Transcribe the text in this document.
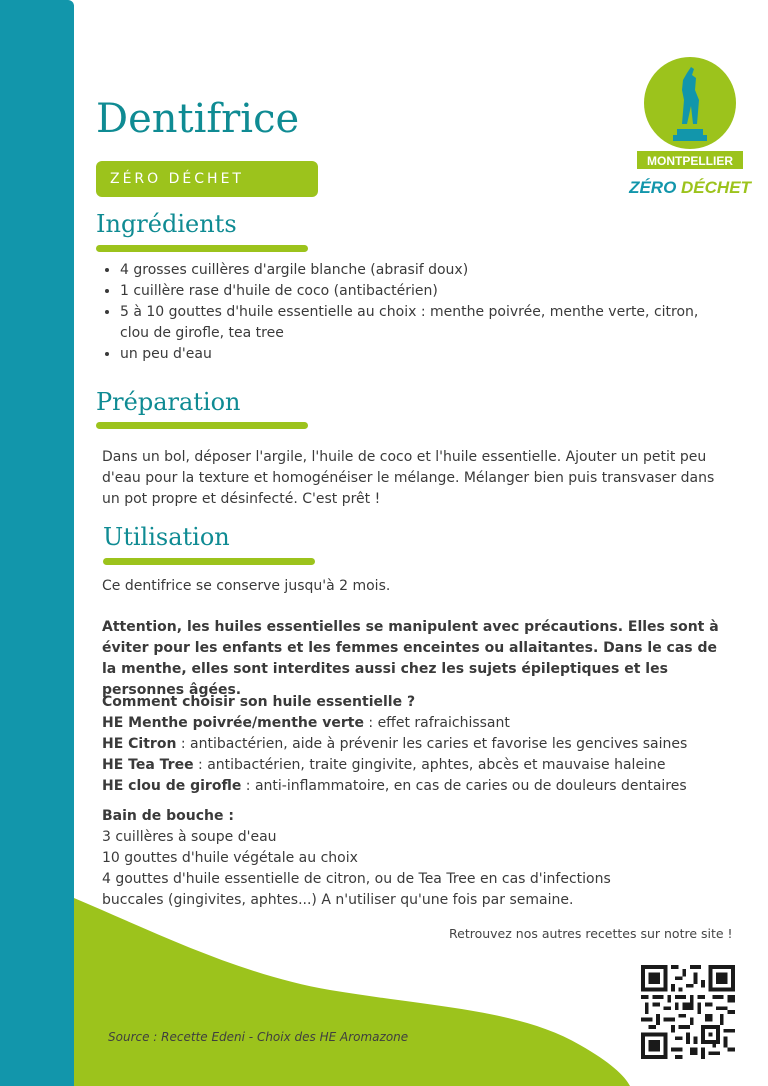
Dentifrice
ZÉRO DÉCHET
MONTPELLIER
ZÉRO DÉCHET
Ingrédients
• 4 grosses cuillères d'argile blanche (abrasif doux)
• 1 cuillère rase d'huile de coco (antibactérien)
• 5 à 10 gouttes d'huile essentielle au choix : menthe poivrée, menthe verte, citron, clou de girofle, tea tree
• un peu d'eau
Préparation

Dans un bol, déposer l'argile, l'huile de coco et l'huile essentielle. Ajouter un petit peu d'eau pour la texture et homogénéiser le mélange. Mélanger bien puis transvaser dans un pot propre et désinfecté. C'est prêt !

Utilisation

Ce dentifrice se conserve jusqu'à 2 mois.

Attention, les huiles essentielles se manipulent avec précautions. Elles sont à éviter pour les enfants et les femmes enceintes ou allaitantes. Dans le cas de la menthe, elles sont interdites aussi chez les sujets épileptiques et les personnes âgées.

Comment choisir son huile essentielle ?
HE Menthe poivrée/menthe verte : effet rafraichissant
HE Citron : antibactérien, aide à prévenir les caries et favorise les gencives saines
HE Tea Tree : antibactérien, traite gingivite, aphtes, abcès et mauvaise haleine
HE clou de girofle : anti-inflammatoire, en cas de caries ou de douleurs dentaires
Bain de bouche :
3 cuillères à soupe d'eau
10 gouttes d'huile végétale au choix
4 gouttes d'huile essentielle de citron, ou de Tea Tree en cas d'infections buccales (gingivites, aphtes...) A n'utiliser qu'une fois par semaine.
Retrouvez nos autres recettes sur notre site !
Source : Recette Edeni - Choix des HE Aromazone
